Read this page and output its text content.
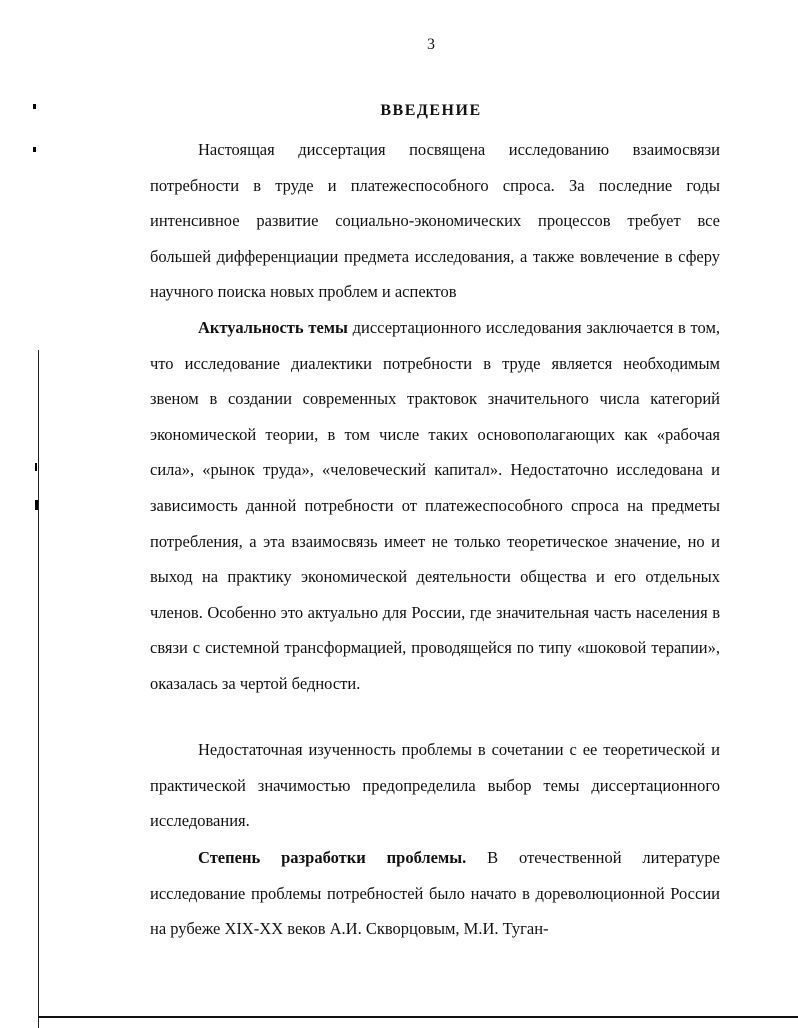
3
ВВЕДЕНИЕ

Настоящая диссертация посвящена исследованию взаимосвязи потребности в труде и платежеспособного спроса. За последние годы интенсивное развитие социально-экономических процессов требует все большей дифференциации предмета исследования, а также вовлечение в сферу научного поиска новых проблем и аспектов

Актуальность темы диссертационного исследования заключается в том, что исследование диалектики потребности в труде является необходимым звеном в создании современных трактовок значительного числа категорий экономической теории, в том числе таких основополагающих как «рабочая сила», «рынок труда», «человеческий капитал». Недостаточно исследована и зависимость данной потребности от платежеспособного спроса на предметы потребления, а эта взаимосвязь имеет не только теоретическое значение, но и выход на практику экономической деятельности общества и его отдельных членов. Особенно это актуально для России, где значительная часть населения в связи с системной трансформацией, проводящейся по типу «шоковой терапии», оказалась за чертой бедности.

Недостаточная изученность проблемы в сочетании с ее теоретической и практической значимостью предопределила выбор темы диссертационного исследования.

Степень разработки проблемы. В отечественной литературе исследование проблемы потребностей было начато в дореволюционной России на рубеже XIX-XX веков А.И. Скворцовым, М.И. Туган-
